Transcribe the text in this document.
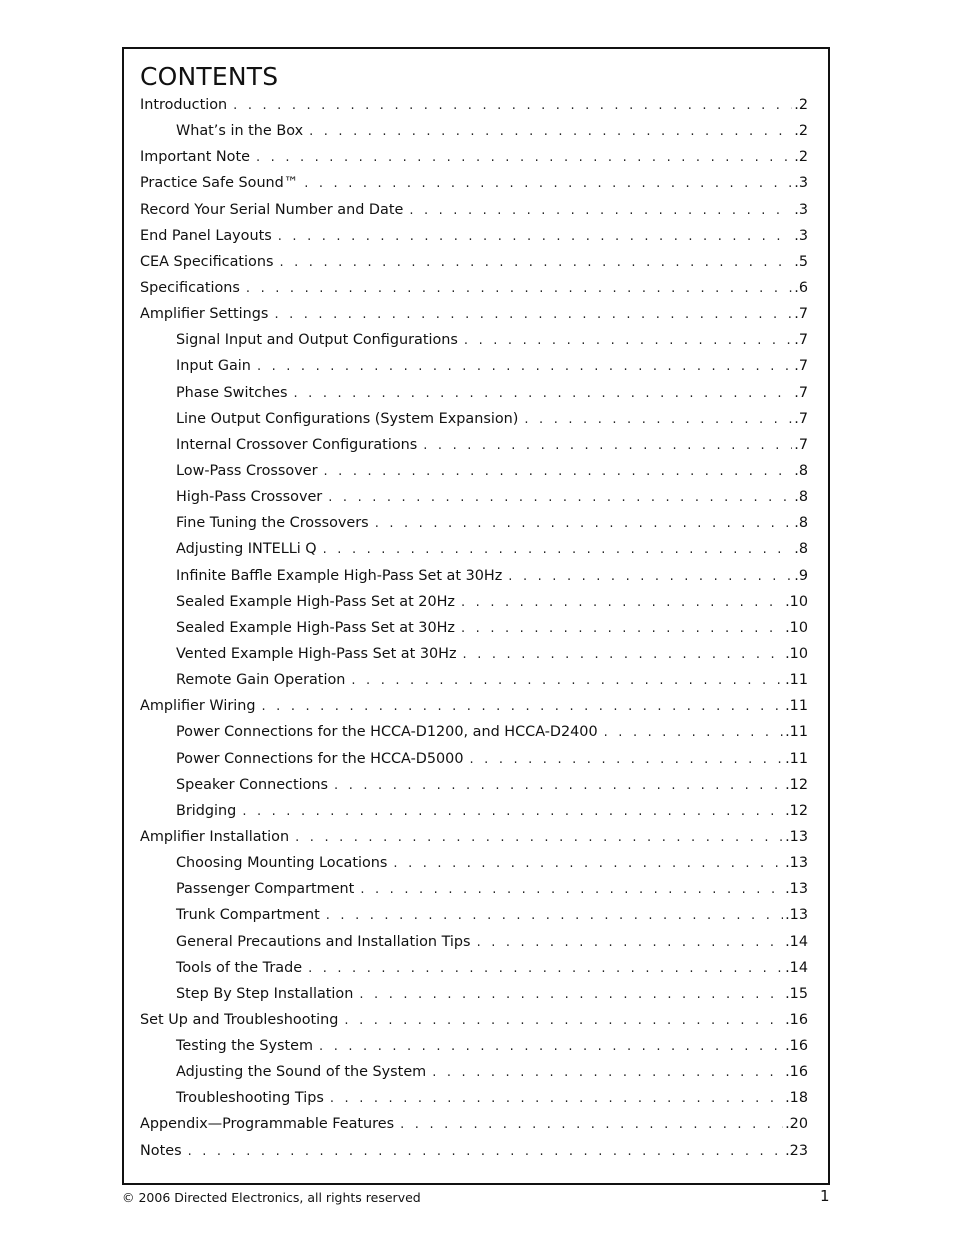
CONTENTS
Introduction . . .	.2
What’s in the Box . . .	.2
Important Note . . .	.2
Practice Safe Sound™ . . .	.3
Record Your Serial Number and Date . . .	.3
End Panel Layouts . . .	.3
CEA Specifications . . .	.5
Specifications . . .	.6
Amplifier Settings . . .	.7
Signal Input and Output Configurations . . .	.7
Input Gain . . .	.7
Phase Switches . . .	.7
Line Output Configurations (System Expansion) . . .	.7
Internal Crossover Configurations . . .	.7
Low-Pass Crossover . . .	.8
High-Pass Crossover . . .	.8
Fine Tuning the Crossovers . . .	.8
Adjusting INTELLi Q . . .	.8
Infinite Baffle Example High-Pass Set at 30Hz . . .	.9
Sealed Example High-Pass Set at 20Hz . . .	.10
Sealed Example High-Pass Set at 30Hz . . .	.10
Vented Example High-Pass Set at 30Hz . . .	.10
Remote Gain Operation . . .	.11
Amplifier Wiring . . .	.11
Power Connections for the HCCA-D1200, and HCCA-D2400 . . .	.11
Power Connections for the HCCA-D5000 . . .	.11
Speaker Connections . . .	.12
Bridging . . .	.12
Amplifier Installation . . .	.13
Choosing Mounting Locations . . .	.13
Passenger Compartment . . .	.13
Trunk Compartment . . .	.13
General Precautions and Installation Tips . . .	.14
Tools of the Trade . . .	.14
Step By Step Installation . . .	.15
Set Up and Troubleshooting . . .	.16
Testing the System . . .	.16
Adjusting the Sound of the System . . .	.16
Troubleshooting Tips . . .	.18
Appendix—Programmable Features . . .	.20
Notes . . .	.23
© 2006 Directed Electronics, all rights reserved	1
